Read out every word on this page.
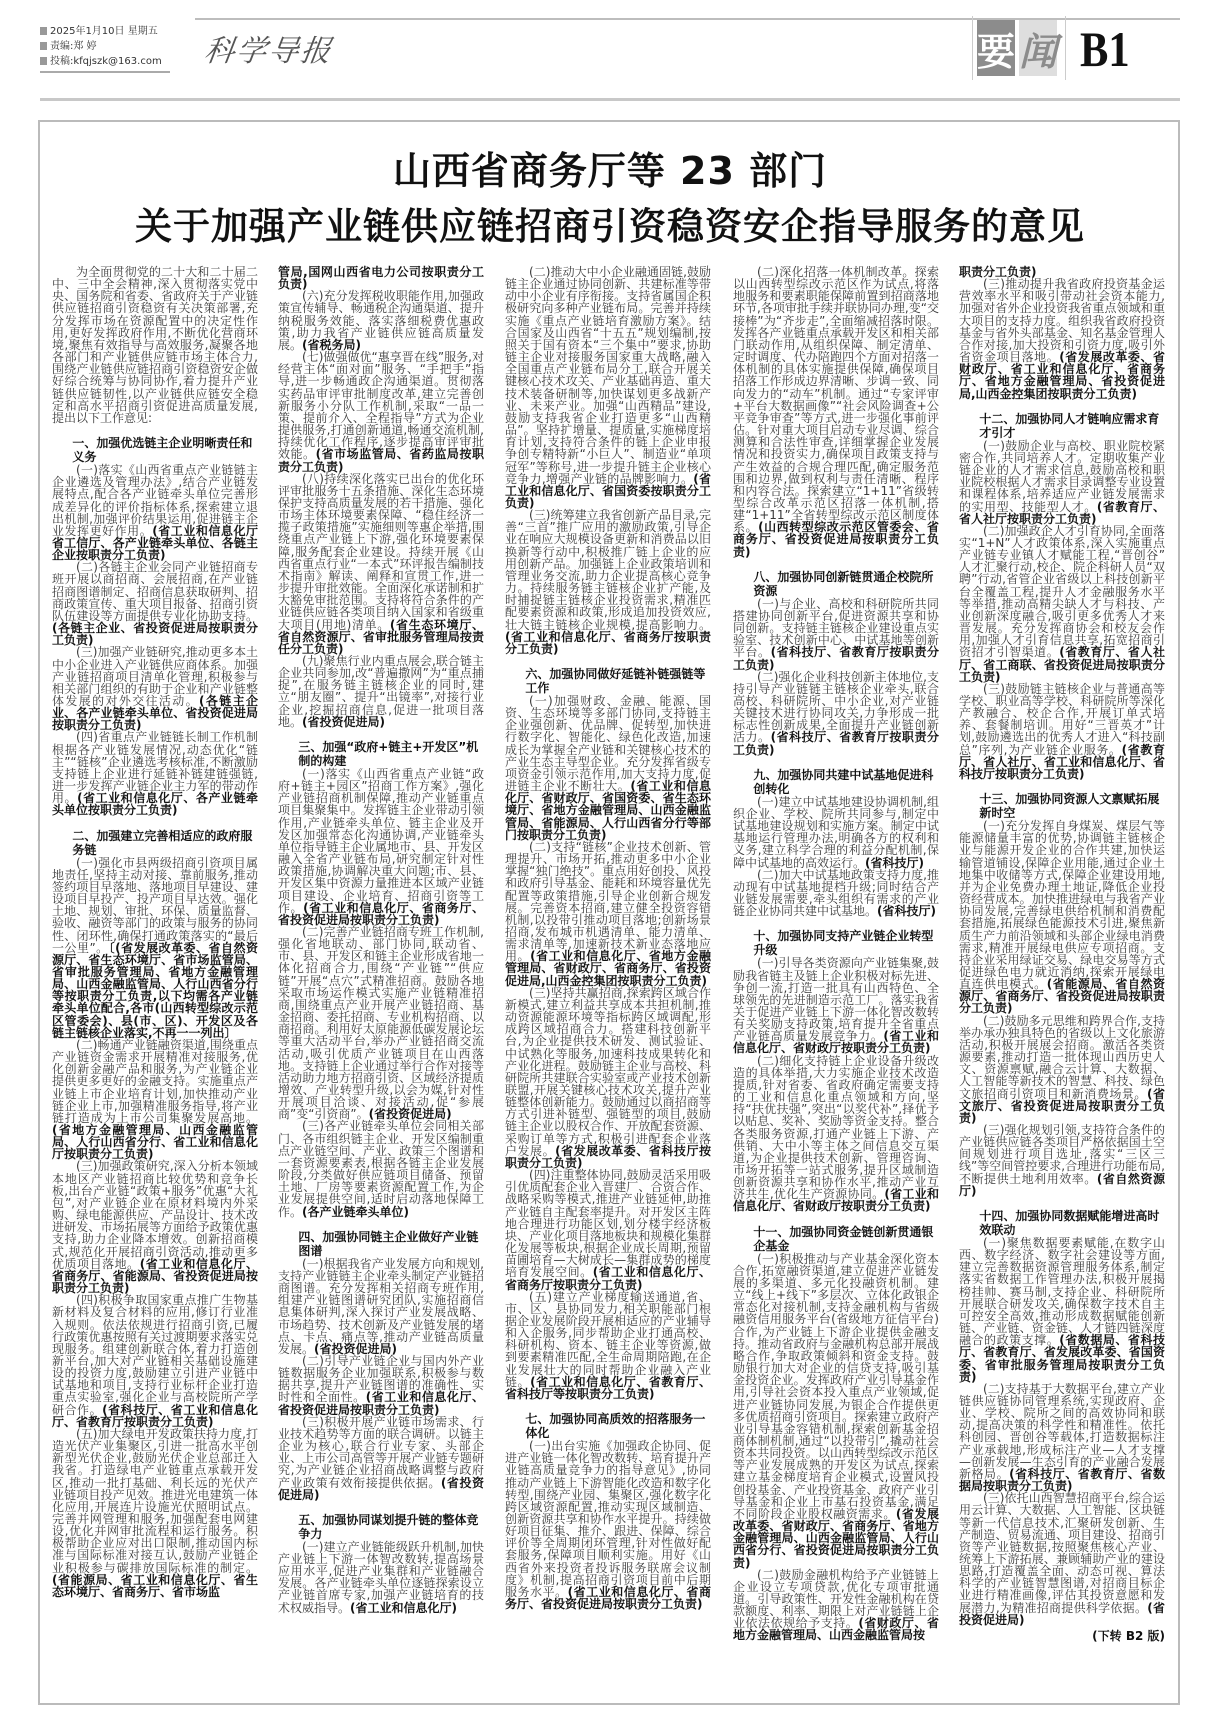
2025年1月10日 星期五
责编:郑 婷
投稿:kfqjszk@163.com 科学导报	要 闻 B1
山西省商务厅等 23 部门
关于加强产业链供应链招商引资稳资安企指导服务的意见

为全面贯彻党的二十大和二十届二中、三中全会精神,深入贯彻落实党中央、国务院和省委、省政府关于产业链供应链招商引资稳资有关决策部署,充分发挥市场在资源配置中的决定性作用,更好发挥政府作用,不断优化营商环境,聚焦有效指导与高效服务,凝聚各地各部门和产业链供应链市场主体合力,围绕产业链供应链招商引资稳资安企做好综合统筹与协同协作,着力提升产业链供应链韧性,以产业链供应链安全稳定和高水平招商引资促进高质量发展,提出以下工作意见:

一、加强优选链主企业明晰责任和义务

(一)落实《山西省重点产业链链主企业遴选及管理办法》,结合产业链发展特点,配合各产业链牵头单位完善形成差异化的评价指标体系,探索建立退出机制,加强评价结果运用,促进链主企业发挥更好作用。(省工业和信息化厅省工信厅、各产业链牵头单位、各链主企业按职责分工负责)

(二)各链主企业会同产业链招商专班开展以商招商、会展招商,在产业链招商图谱制定、招商信息获取研判、招商政策宣传、重大项目报备、招商引资队伍建设等方面提供专业化协助支持。(各链主企业、省投资促进局按职责分工负责)

(三)加强产业链研究,推动更多本土中小企业进入产业链供应商体系。加强产业链招商项目清单化管理,积极参与相关部门组织的有助于企业和产业链整体发展的对外交往活动。(各链主企业、各产业链牵头单位、省投资促进局按职责分工负责)

(四)省重点产业链链长制工作机制根据各产业链发展情况,动态优化“链主”“链核”企业遴选考核标准,不断激励支持链上企业进行延链补链建链强链,进一步发挥产业链企业主力军的带动作用。(省工业和信息化厅、各产业链牵头单位按职责分工负责)

二、加强建立完善相适应的政府服务链

(一)强化市县两级招商引资项目属地责任,坚持主动对接、靠前服务,推动签约项目早落地、落地项目早建设、建设项目早投产、投产项目早达效。强化土地、规划、审批、环保、质量监督、验收、融资等部门的政策与服务的协同性、闭环性,确保打通政策落实的“最后一公里”。〔(省发展改革委、省自然资源厅、省生态环境厅、省市场监管局、省审批服务管理局、省地方金融管理局、山西金融监管局、人行山西省分行等按职责分工负责,以下均需各产业链牵头单位配合,各市(山西转型综改示范区管委会)、县(市、区)、开发区及各链主链核企业落实,不再一一列出〕

(二)畅通产业链融资渠道,围绕重点产业链资金需求开展精准对接服务,优化创新金融产品和服务,为产业链企业提供更多更好的金融支持。实施重点产业链上市企业培育计划,加快推动产业链企业上市,加强精准服务指导,将产业链打造成为上市公司集聚发展高地。(省地方金融管理局、山西金融监管局、人行山西省分行、省工业和信息化厅按职责分工负责)

(三)加强政策研究,深入分析本领域本地区产业链招商比较优势和竞争长板,出台产业链“政策+服务”优惠“大礼包”,对产业链企业在原材料境内外采购、绿电能源供应、产品设计、技术改进研发、市场拓展等方面给予政策优惠支持,助力企业降本增效。创新招商模式,规范化开展招商引资活动,推动更多优质项目落地。(省工业和信息化厅、省商务厅、省能源局、省投资促进局按职责分工负责)

(四)积极争取国家重点推广生物基新材料及复合材料的应用,修订行业准入规则。依法依规进行招商引资,已履行政策优惠按照有关过渡期要求落实兑现服务。组建创新联合体,着力打造创新平台,加大对产业链相关基础设施建设的投资力度,鼓励建立引进产业链中试基地和项目,支持行业标杆企业打造重点实验室,强化企业与高校院所产学研合作。(省科技厅、省工业和信息化厅、省教育厅按职责分工负责)

(五)加大绿电开发政策扶持力度,打造光伏产业集聚区,引进一批高水平创新型光伏企业,鼓励光伏企业总部迁入我省。打造绿电产业链重点承载开发区,推动一批打基础、利长远的光伏产业链项目投产见效。推进光电建筑一体化应用,开展连片设施光伏照明试点。完善并网管理和服务,加强配套电网建设,优化并网审批流程和运行服务。积极帮助企业应对出口限制,推动国内标准与国际标准对接互认,鼓励产业链企业积极参与碳排放国际标准的制定。(省能源局、省工业和信息化厅、省生态环境厅、省商务厅、省市场监

管局,国网山西省电力公司按职责分工负责)

(六)充分发挥税收职能作用,加强政策宣传辅导、畅通税企沟通渠道、提升纳税服务效能、落实落细税费优惠政策,助力我省产业链供应链高质量发展。(省税务局)

(七)做强做优“惠享晋在线”服务,对经营主体“面对面”服务、“手把手”指导,进一步畅通政企沟通渠道。贯彻落实药品审评审批制度改革,建立完善创新服务小分队工作机制,采取“一品一策、提前介入、全程指导”方式为企业提供服务,打通创新通道,畅通交流机制,持续优化工作程序,逐步提高审评审批效能。(省市场监管局、省药监局按职责分工负责)

(八)持续深化落实已出台的优化环评审批服务十五条措施、深化生态环境保护支持高质量发展的若干措施、强化市场主体环境要素保障、“稳住经济一揽子政策措施”实施细则等惠企举措,围绕重点产业链上下游,强化环境要素保障,服务配套企业建设。持续开展《山西省重点行业“一本式”环评报告编制技术指南》解读、阐释和宣贯工作,进一步提升审批效能。全面深化承诺制和扩大豁免审批范围。支持将符合条件的产业链供应链各类项目纳入国家和省级重大项目(用地)清单。(省生态环境厅、省自然资源厅、省审批服务管理局按责任分工负责)

(九)聚焦行业内重点展会,联合链主企业共同参加,改“普遍撒网”为“重点捕捉”,在服务链主链核企业的同时,建立“朋友圈”、提升“出镜率”,对接行业企业,挖掘招商信息,促进一批项目落地。(省投资促进局)

三、加强“政府+链主+开发区”机制的构建

(一)落实《山西省重点产业链“政府+链主+园区”招商工作方案》,强化产业链招商机制保障,推动产业链重点项目集聚集中。发挥链主企业带动引领作用,产业链牵头单位、链主企业及开发区加强常态化沟通协调,产业链牵头单位指导链主企业属地市、县、开发区融入全省产业链布局,研究制定针对性政策措施,协调解决重大问题;市、县、开发区集中资源力量推进本区域产业链项目建设、企业培育、招商引资等工作。(省工业和信息化厅、省商务厅、省投资促进局按职责分工负责)

(二)完善产业链招商专班工作机制,强化省地联动、部门协同,联动省、市、县、开发区和链主企业形成省地一体化招商合力,围绕“产业链”“供应链”开展“点穴”式精准招商。鼓励各地采取市场运作模式实施产业链精准招商,围绕重点产业开展产业链招商、基金招商、委托招商、专业机构招商、以商招商。利用好太原能源低碳发展论坛等重大活动平台,举办产业链招商交流活动,吸引优质产业链项目在山西落地。支持链上企业通过举行合作对接等活动助力地方招商引资、区域经济提质增效、产业转型升级,以会为媒,针对性开展项目洽谈、对接活动,促“参展商”变“引资商”。(省投资促进局)

(三)各产业链牵头单位会同相关部门、各市组织链主企业、开发区编制重点产业链空间、产业、政策三个图谱和一套资源要素表,根据各链主企业发展阶段,分类做好供应链项目储备、预留土地、厂房等要素资源配置工作,为企业发展提供空间,适时启动落地保障工作。(各产业链牵头单位)

四、加强协同链主企业做好产业链图谱

(一)根据我省产业发展方向和规划,支持产业链链主企业牵头制定产业链招商图谱。充分发挥相关招商专班作用,组建产业链图谱研究团队,实施招商信息集体研判,深入探讨产业发展战略、市场趋势、技术创新及产业链发展的堵点、卡点、痛点等,推动产业链高质量发展。(省投资促进局)

(二)引导产业链企业与国内外产业链数据服务企业加强联系,积极参与数据共享,提升产业链图谱的准确性、实时性和全面性。(省工业和信息化厅、省投资促进局按职责分工负责)

(三)积极开展产业链市场需求、行业技术趋势等方面的联合调研。以链主企业为核心,联合行业专家、头部企业、上市公司高管等开展产业链专题研究,为产业链企业招商战略调整与政府产业政策有效衔接提供依据。(省投资促进局)

五、加强协同谋划提升链的整体竞争力

(一)建立产业链能级跃升机制,加快产业链上下游一体智改数转,提高场景应用水平,促进产业集群和产业链融合发展。各产业链牵头单位逐链探索设立产业链首席专家,加强产业链培育的技术权威指导。(省工业和信息化厅)

(二)推动大中小企业融通固链,鼓励链主企业通过协同创新、共建标准等带动中小企业有序衔接。支持省属国企积极研究向多种产业链布局。完善并持续实施《重点产业链培育激励方案》。结合国家及山西省“十五五”规划编制,按照关于国有资本“三个集中”要求,协助链主企业对接服务国家重大战略,融入全国重点产业链布局分工,联合开展关键核心技术攻关、产业基础再造、重大技术装备研制等,加快谋划更多战新产业、未来产业。加强“山西精品”建设,鼓励支持我省企业打造更多“山西精品”。坚持扩增量、提质量,实施梯度培育计划,支持符合条件的链上企业申报争创专精特新“小巨人”、制造业“单项冠军”等称号,进一步提升链主企业核心竞争力,增强产业链的品牌影响力。(省工业和信息化厅、省国资委按职责分工负责)

(三)统筹建立我省创新产品目录,完善“三首”推广应用的激励政策,引导企业在响应大规模设备更新和消费品以旧换新等行动中,积极推广链上企业的应用创新产品。加强链上企业政策培训和管理业务交流,助力企业提高核心竞争力。持续服务链主链核企业扩产能,及时捕捉链主链核企业投资需求,精准匹配要素资源和政策,形成追加投资效应,壮大链主链核企业规模,提高影响力。(省工业和信息化厅、省商务厅按职责分工负责)

六、加强协同做好延链补链强链等工作

(一)加强财政、金融、能源、国资、生态环境等多部门协同,支持链主企业强创新、优品牌、促转型,加快进行数字化、智能化、绿色化改造,加速成长为掌握全产业链和关键核心技术的产业生态主导型企业。充分发挥省级专项资金引领示范作用,加大支持力度,促进链主企业不断壮大。(省工业和信息化厅、省财政厅、省国资委、省生态环境厅、省地方金融管理局、山西金融监管局、省能源局、人行山西省分行等部门按职责分工负责)

(二)支持“链核”企业技术创新、管理提升、市场开拓,推动更多中小企业掌握“独门绝技”。重点用好创投、风投和政府引导基金、能耗和环境容量优先配置等政策措施,引导企业创新合规发展。完善资本招商,建立健全投资容错机制,以投带引推动项目落地;创新场景招商,发布城市机遇清单、能力清单、需求清单等,加速新技术新业态落地应用。(省工业和信息化厅、省地方金融管理局、省财政厅、省商务厅、省投资促进局,山西金控集团按职责分工负责)

(三)坚持共赢招商,探索跨区域合作新模式,建立利益共享成本共担机制,推动资源能源环境等指标跨区域调配,形成跨区域招商合力。搭建科技创新平台,为企业提供技术研发、测试验证、中试熟化等服务,加速科技成果转化和产业化进程。鼓励链主企业与高校、科研院所共建联合实验室或产业技术创新联盟,开展关键核心技术攻关,提升产业链整体创新能力。鼓励通过以商招商等方式引进补链型、强链型的项目,鼓励链主企业以股权合作、开放配套资源、采购订单等方式,积极引进配套企业落户发展。(省发展改革委、省科技厅按职责分工负责)

(四)注重整体协同,鼓励灵活采用吸引优质配套企业入晋建厂、合资合作、战略采购等模式,推进产业链延伸,助推产业链自主配套率提升。对开发区主阵地合理进行功能区划,划分楼宇经济板块、产业化项目落地板块和规模化集群化发展等板块,根据企业成长周期,预留苗圃培育—大树成长—集群成势的梯度培育发展空间。(省工业和信息化厅、省商务厅按职责分工负责)

(五)建立产业梯度输送通道,省、市、区、县协同发力,相关职能部门根据企业发展阶段开展相适应的产业辅导和入企服务,同步帮助企业打通高校、科研机构、资本、链主企业等资源,做到要素精准匹配,全生命周期陪跑,在企业发展壮大的同时帮助企业融入产业链。(省工业和信息化厅、省教育厅、省科技厅等按职责分工负责)

七、加强协同高质效的招落服务一体化

(一)出台实施《加强政企协同、促进产业链一体化智改数转、培育提升产业链高质量竞争力的指导意见》,协同推动产业链上下游智能化改造和数字化转型,围绕产业园、集聚区,强化数字化跨区域资源配置,推动实现区域制造、创新资源共享和协作水平提升。持续做好项目征集、推介、跟进、保障、综合评价等全周期闭环管理,针对性做好配套服务,保障项目顺利实施。用好《山西省外来投资者投诉服务联席会议制度》机制,提高招商引资项目前中后期服务水平。(省工业和信息化厅、省商务厅、省投资促进局按职责分工负责)

(二)深化招落一体机制改革。探索以山西转型综改示范区作为试点,将落地服务和要素职能保障前置到招商落地环节,各项审批手续并联协同办理,变“交接棒”为“齐步走”,全面缩减招落时限。发挥各产业链重点承载开发区和相关部门联动作用,从组织保障、制定清单、定时调度、代办陪跑四个方面对招落一体机制的具体实施提供保障,确保项目招落工作形成边界清晰、步调一致、同向发力的“动车”机制。通过“专家评审+平台大数据画像”“社会风险调查+公平竞争审查”等方式,进一步强化事前评估。针对重大项目启动专业尽调、综合测算和合法性审查,详细掌握企业发展情况和投资实力,确保项目政策支持与产生效益的合规合理匹配,确定服务范围和边界,做到权利与责任清晰、程序和内容合法。探索建立“1+11”省级转型综合改革示范区招落一体机制,搭建“1+11”全省转型综改示范区制度体系。(山西转型综改示范区管委会、省商务厅、省投资促进局按职责分工负责)

八、加强协同创新链贯通企校院所资源

(一)与企业、高校和科研院所共同搭建协同创新平台,促进资源共享和协同创新。支持链主链核企业建设重点实验室、技术创新中心、中试基地等创新平台。(省科技厅、省教育厅按职责分工负责)

(二)强化企业科技创新主体地位,支持引导产业链链主链核企业牵头,联合高校、科研院所、中小企业,对产业链关键技术进行协同攻关,力争形成一批标志性创新成果,全面提升产业链创新活力。(省科技厅、省教育厅按职责分工负责)

九、加强协同共建中试基地促进科创转化

(一)建立中试基地建设协调机制,组织企业、学校、院所共同参与,制定中试基地建设规划和实施方案。制定中试基地运行管理办法,明确各方的权利和义务,建立科学合理的利益分配机制,保障中试基地的高效运行。(省科技厅)

(二)加大中试基地政策支持力度,推动现有中试基地提档升级;同时结合产业链发展需要,牵头组织有需求的产业链企业协同共建中试基地。(省科技厅)

十、加强协同支持产业链企业转型升级

(一)引导各类资源向产业链集聚,鼓励我省链主及链上企业积极对标先进、争创一流,打造一批具有山西特色、全球领先的先进制造示范工厂。落实我省关于促进产业链上下游一体化智改数转有关奖励支持政策,培育提升全省重点产业链高质量发展竞争力。(省工业和信息化厅、省财政厅按职责分工负责)

(二)细化支持链上企业设备升级改造的具体举措,大力实施企业技术改造提质,针对省委、省政府确定需要支持的工业和信息化重点领域和方向,坚持“扶优扶强”,突出“以奖代补”,择优予以贴息、奖补、奖励等资金支持。整合各类服务资源,打通产业链上下游、产供销、大中小等主体之间信息交互渠道,为企业提供技术创新、管理咨询、市场开拓等一站式服务,提升区域制造创新资源共享和协作水平,推动产业互济共生,优化生产资源协同。(省工业和信息化厅、省财政厅按职责分工负责)

十一、加强协同资金链创新贯通银企基金

(一)积极推动与产业基金深化资本合作,拓宽融资渠道,建立促进产业链发展的多渠道、多元化投融资机制。建立“线上+线下”多层次、立体化政银企常态化对接机制,支持金融机构与省级融资信用服务平台(省级地方征信平台)合作,为产业链上下游企业提供金融支持。推动省政府与金融机构总部开展战略合作,争取政策倾斜和资金支持。鼓励银行加大对企业的信贷支持,吸引基金投资企业。发挥政府产业引导基金作用,引导社会资本投入重点产业领域,促进产业链协同发展,为银企合作提供更多优质招商引资项目。探索建立政府产业引导基金容错机制,探索创新基金招商体制机制,通过“以投带引”,撬动社会资本共同投资。以山西转型综改示范区等产业发展成熟的开发区为试点,探索建立基金梯度培育企业模式,设置风投创投基金、产业投资基金、政府产业引导基金和企业上市基石投资基金,满足不同阶段企业股权融资需求。(省发展改革委、省财政厅、省商务厅、省地方金融管理局、山西金融监管局、人行山西省分行、省投资促进局按职责分工负责)

(二)鼓励金融机构给予产业链链上企业设立专项贷款,优化专项审批通道。引导政策性、开发性金融机构在贷款额度、利率、期限上对产业链链上企业依法依规给予支持。(省财政厅、省地方金融管理局、山西金融监管局按

职责分工负责)

(三)推动提升我省政府投资基金运营效率水平和吸引带动社会资本能力,加强对省外企业投资我省重点领域和重大项目的支持力度。组织我省政府投资基金与省外头部基金、知名基金管理人合作对接,加大投资和引资力度,吸引外省资金项目落地。(省发展改革委、省财政厅、省工业和信息化厅、省商务厅、省地方金融管理局、省投资促进局,山西金控集团按职责分工负责)

十二、加强协同人才链响应需求育才引才

(一)鼓励企业与高校、职业院校紧密合作,共同培养人才。定期收集产业链企业的人才需求信息,鼓励高校和职业院校根据人才需求目录调整专业设置和课程体系,培养适应产业链发展需求的实用型、技能型人才。(省教育厅、省人社厅按职责分工负责)

(二)加强政企人才引育协同,全面落实“1+N”人才政策体系,深入实施重点产业链专业镇人才赋能工程,“晋创谷” 人才汇聚行动,校企、院企科研人员“双聘”行动,省管企业省级以上科技创新平台全覆盖工程,提升人才金融服务水平等举措,推动高精尖缺人才与科技、产业创新深度融合,吸引更多优秀人才来晋发展。充分发挥商协会和校友会作用,加强人才引育信息共享,拓宽招商引资招才引智渠道。(省教育厅、省人社厅、省工商联、省投资促进局按职责分工负责)

(三)鼓励链主链核企业与普通高等学校、职业高等学校、科研院所等深化产教融合、校企合作,开展订单式培养、套餐制培训。用好“三晋英才”计划,鼓励遴选出的优秀人才进入“科技副总”序列,为产业链企业服务。(省教育厅、省人社厅、省工业和信息化厅、省科技厅按职责分工负责)

十三、加强协同资源人文禀赋拓展新时空

(一)充分发挥自身煤炭、煤层气等能源储量丰富的优势,协调链主链核企业与能源开发企业的合作共建,加快运输管道铺设,保障企业用能,通过企业土地集中收储等方式,保障企业建设用地,并为企业免费办理土地证,降低企业投资经营成本。加快推进绿电与我省产业协同发展,完善绿电供给机制和消费配套措施,拓展绿色能源技术引进,聚焦新质生产力前沿领域和头部企业绿电消费需求,精准开展绿电供应专项招商。支持企业采用绿证交易、绿电交易等方式促进绿色电力就近消纳,探索开展绿电直连供电模式。(省能源局、省自然资源厅、省商务厅、省投资促进局按职责分工负责)

(二)鼓励多元思维和跨界合作,支持举办承办独具特色的省级以上文化旅游活动,积极开展展会招商。激活各类资源要素,推动打造一批体现山西历史人文、资源禀赋,融合云计算、大数据、人工智能等新技术的智慧、科技、绿色文旅招商引资项目和新消费场景。(省文旅厅、省投资促进局按职责分工负责)

(三)强化规划引领,支持符合条件的产业链供应链各类项目严格依据国土空间规划进行项目选址,落实“三区三线”等空间管控要求,合理进行功能布局,不断提供土地利用效率。(省自然资源厅)

十四、加强协同数据赋能增进高时效联动

(一)聚焦数据要素赋能,在数字山西、数字经济、数字社会建设等方面,建立完善数据资源管理服务体系,制定落实省数据工作管理办法,积极开展揭榜挂帅、赛马制,支持企业、科研院所开展联合研发攻关,确保数字技术自主可控安全高效,推动形成数据赋能创新链、产业链、资金链、人才链四链深度融合的政策支撑。(省数据局、省科技厅、省教育厅、省发展改革委、省国资委、省审批服务管理局按职责分工负责)

(二)支持基于大数据平台,建立产业链供应链协同管理系统,实现政府、企业、学校、院所之间的高效协同和联动,提高决策的科学性和精准性。依托科创园、晋创谷等载体,打造数据标注产业承载地,形成标注产业—人才支撑—创新发展—生态引育的产业融合发展新格局。(省科技厅、省教育厅、省数据局按职责分工负责)

(三)依托山西智慧招商平台,综合运用云计算、大数据、人工智能、区块链等新一代信息技术,汇聚研发创新、生产制造、贸易流通、项目建设、招商引资等产业链数据,按照聚焦核心产业、统筹上下游拓展、兼顾辅助产业的建设思路,打造覆盖全面、动态可视、算法科学的产业链智慧图谱,对招商目标企业进行精准画像,评估其投资意愿和发展潜力,为精准招商提供科学依据。(省投资促进局)

(下转 B2 版)
